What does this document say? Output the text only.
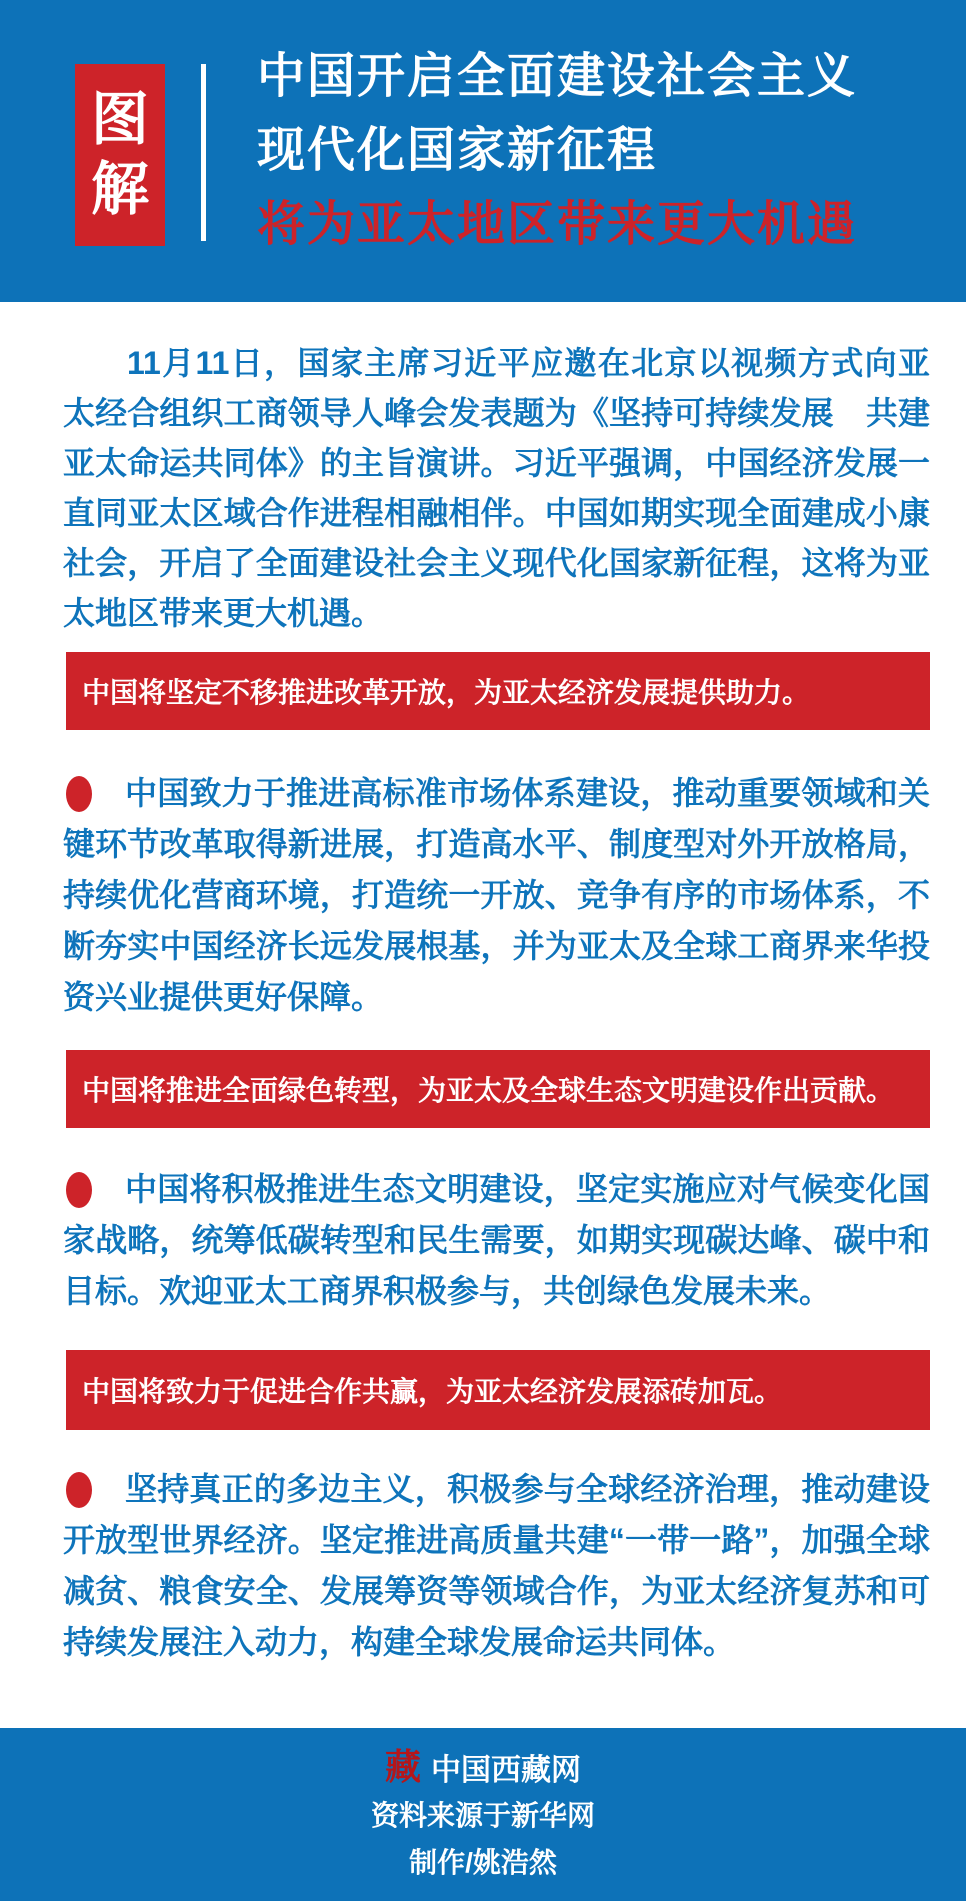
图
解
中国开启全面建设社会主义
现代化国家新征程
将为亚太地区带来更大机遇

11月11日，国家主席习近平应邀在北京以视频方式向亚太经合组织工商领导人峰会发表题为《坚持可持续发展　共建亚太命运共同体》的主旨演讲。习近平强调，中国经济发展一直同亚太区域合作进程相融相伴。中国如期实现全面建成小康社会，开启了全面建设社会主义现代化国家新征程，这将为亚太地区带来更大机遇。

中国将坚定不移推进改革开放，为亚太经济发展提供助力。

中国致力于推进高标准市场体系建设，推动重要领域和关键环节改革取得新进展，打造高水平、制度型对外开放格局，持续优化营商环境，打造统一开放、竞争有序的市场体系，不断夯实中国经济长远发展根基，并为亚太及全球工商界来华投资兴业提供更好保障。

中国将推进全面绿色转型，为亚太及全球生态文明建设作出贡献。

中国将积极推进生态文明建设，坚定实施应对气候变化国家战略，统筹低碳转型和民生需要，如期实现碳达峰、碳中和目标。欢迎亚太工商界积极参与，共创绿色发展未来。

中国将致力于促进合作共赢，为亚太经济发展添砖加瓦。

坚持真正的多边主义，积极参与全球经济治理，推动建设开放型世界经济。坚定推进高质量共建“一带一路”，加强全球减贫、粮食安全、发展筹资等领域合作，为亚太经济复苏和可持续发展注入动力，构建全球发展命运共同体。

藏 中国西藏网
资料来源于新华网
制作/姚浩然
